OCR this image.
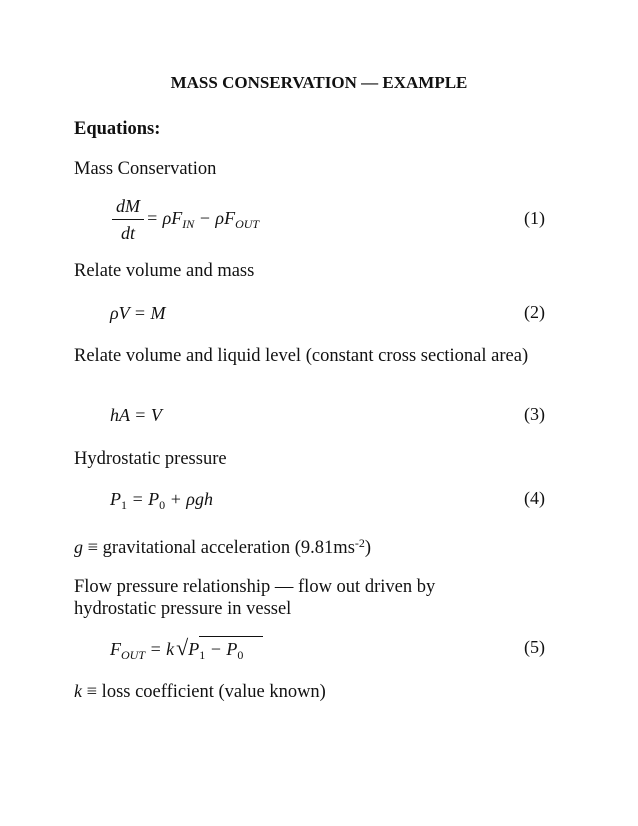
MASS CONSERVATION — EXAMPLE
Equations:
Mass Conservation
dM
dt
= $\rho F_{IN} - \rho F_{OUT}$	(1)
Relate volume and mass
ρV = M	(2)
Relate volume and liquid level (constant cross sectional area)
hA = V	(3)
Hydrostatic pressure
$P_1 = P_0 + \rho gh$	(4)
g ≡ gravitational acceleration $(9.81ms^{-2})$
Flow pressure relationship — flow out driven by hydrostatic pressure in vessel
$F_{OUT} = k√P_1 - P_0$	(5)
k ≡ loss coefficient (value known)
